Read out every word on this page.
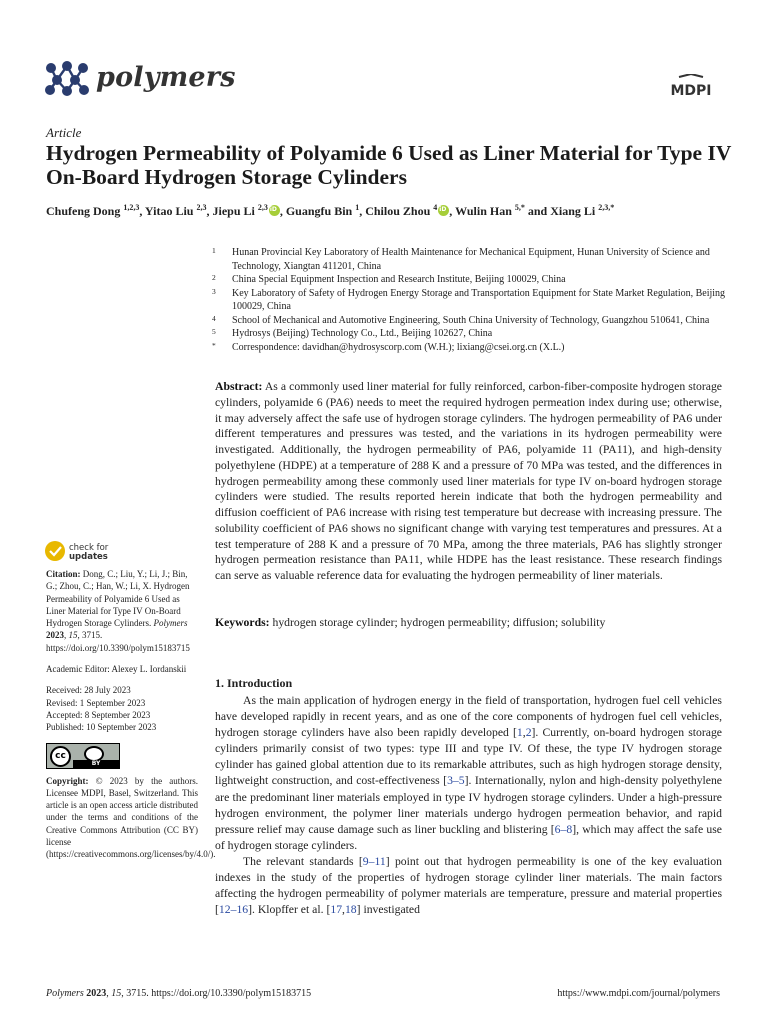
polymers	MDPI
Article
Hydrogen Permeability of Polyamide 6 Used as Liner Material for Type IV On-Board Hydrogen Storage Cylinders
Chufeng Dong $^{1,2,3}$, Yitao Liu $^{2,3}$, Jiepu Li $^{2,3}$ iD , Guangfu Bin $^1$, Chilou Zhou $^4$ iD , Wulin Han $^{5,*}$ and Xiang Li $^{2,3,*}$
1 Hunan Provincial Key Laboratory of Health Maintenance for Mechanical Equipment, Hunan University of Science and Technology, Xiangtan 411201, China
2 China Special Equipment Inspection and Research Institute, Beijing 100029, China
3 Key Laboratory of Safety of Hydrogen Energy Storage and Transportation Equipment for State Market Regulation, Beijing 100029, China
4 School of Mechanical and Automotive Engineering, South China University of Technology, Guangzhou 510641, China
5 Hydrosys (Beijing) Technology Co., Ltd., Beijing 102627, China
* Correspondence: davidhan@hydrosyscorp.com (W.H.); lixiang@csei.org.cn (X.L.)
Abstract: As a commonly used liner material for fully reinforced, carbon-fiber-composite hydrogen storage cylinders, polyamide 6 (PA6) needs to meet the required hydrogen permeation index during use; otherwise, it may adversely affect the safe use of hydrogen storage cylinders. The hydrogen permeability of PA6 under different temperatures and pressures was tested, and the variations in its hydrogen permeability were investigated. Additionally, the hydrogen permeability of PA6, polyamide 11 (PA11), and high-density polyethylene (HDPE) at a temperature of 288 K and a pressure of 70 MPa was tested, and the differences in hydrogen permeability among these commonly used liner materials for type IV on-board hydrogen storage cylinders were studied. The results reported herein indicate that both the hydrogen permeability and diffusion coefficient of PA6 increase with rising test temperature but decrease with increasing pressure. The solubility coefficient of PA6 shows no significant change with varying test temperatures and pressures. At a test temperature of 288 K and a pressure of 70 MPa, among the three materials, PA6 has slightly stronger hydrogen permeation resistance than PA11, while HDPE has the least resistance. These research findings can serve as valuable reference data for evaluating the hydrogen permeability of liner materials.
Keywords: hydrogen storage cylinder; hydrogen permeability; diffusion; solubility
check for
updates

Citation: Dong, C.; Liu, Y.; Li, J.; Bin, G.; Zhou, C.; Han, W.; Li, X. Hydrogen Permeability of Polyamide 6 Used as Liner Material for Type IV On-Board Hydrogen Storage Cylinders. Polymers 2023, 15, 3715. https://doi.org/10.3390/polym15183715

Academic Editor: Alexey L. Iordanskii

Received: 28 July 2023
Revised: 1 September 2023
Accepted: 8 September 2023
Published: 10 September 2023
cc
BY

Copyright: © 2023 by the authors. Licensee MDPI, Basel, Switzerland. This article is an open access article distributed under the terms and conditions of the Creative Commons Attribution (CC BY) license (https://creativecommons.org/licenses/by/4.0/).

1. Introduction

As the main application of hydrogen energy in the field of transportation, hydrogen fuel cell vehicles have developed rapidly in recent years, and as one of the core components of hydrogen fuel cell vehicles, hydrogen storage cylinders have also been rapidly developed [1,2]. Currently, on-board hydrogen storage cylinders primarily consist of two types: type III and type IV. Of these, the type IV hydrogen storage cylinder has gained global attention due to its remarkable attributes, such as high hydrogen storage density, lightweight construction, and cost-effectiveness [3–5]. Internationally, nylon and high-density polyethylene are the predominant liner materials employed in type IV hydrogen storage cylinders. Under a high-pressure hydrogen environment, the polymer liner materials undergo hydrogen permeation behavior, and rapid pressure relief may cause damage such as liner buckling and blistering [6–8], which may affect the safe use of hydrogen storage cylinders.

The relevant standards [9–11] point out that hydrogen permeability is one of the key evaluation indexes in the study of the properties of hydrogen storage cylinder liner materials. The main factors affecting the hydrogen permeability of polymer materials are temperature, pressure and material properties [12–16]. Klopffer et al. [17,18] investigated

Polymers 2023, 15, 3715. https://doi.org/10.3390/polym15183715	https://www.mdpi.com/journal/polymers
